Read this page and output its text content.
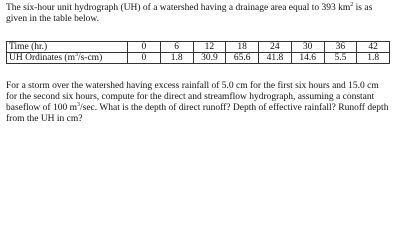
The six-hour unit hydrograph (UH) of a watershed having a drainage area equal to 393 $km^2$ is as given in the table below.

Time (hr.)	0	6	12	18	24	30	36	42
UH Ordinates $(m^3/s-cm)$	0	1.8	30.9	65.6	41.8	14.6	5.5	1.8

For a storm over the watershed having excess rainfall of 5.0 cm for the first six hours and 15.0 cm for the second six hours, compute for the direct and streamflow hydrograph, assuming a constant baseflow of 100 $m^3/\sec$. What is the depth of direct runoff? Depth of effective rainfall? Runoff depth from the UH in cm?
